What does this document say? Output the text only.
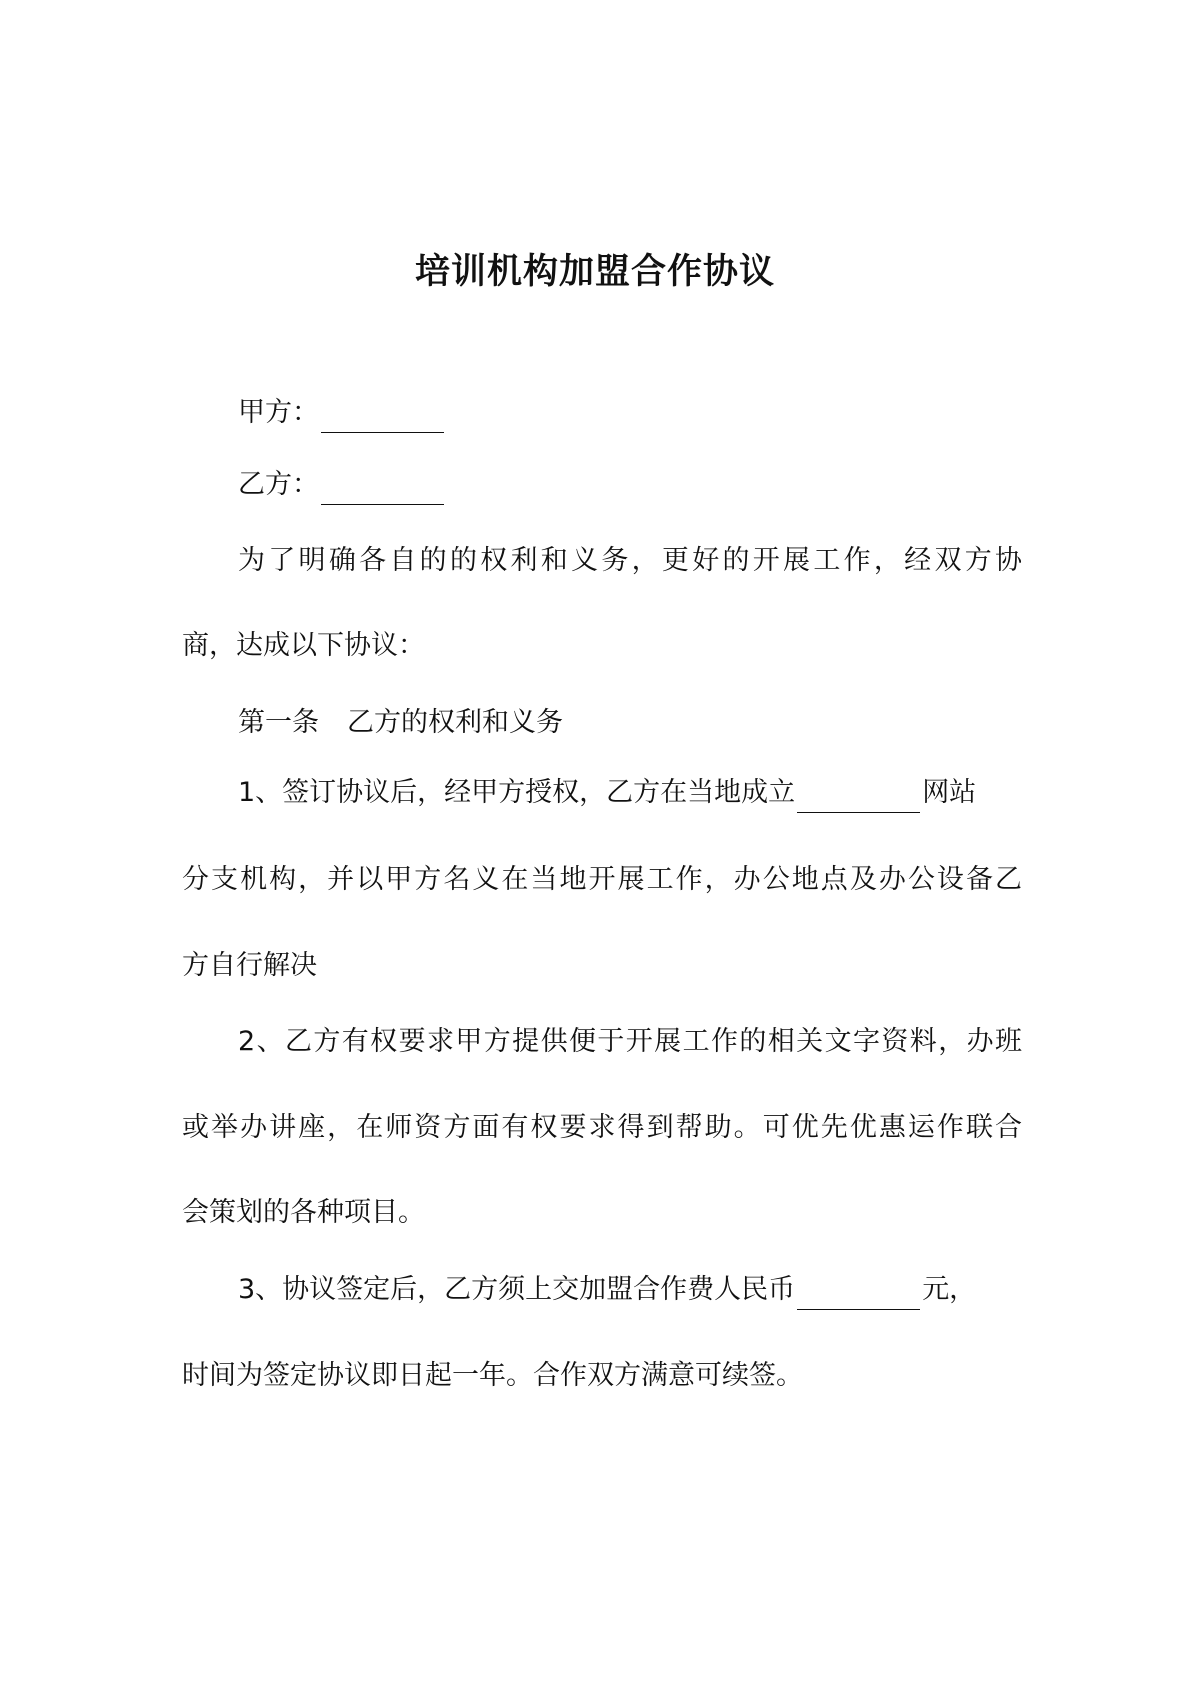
培训机构加盟合作协议
甲方：
乙方：
为了明确各自的的权利和义务，更好的开展工作，经双方协
商，达成以下协议：
第一条 乙方的权利和义务
1、签订协议后，经甲方授权，乙方在当地成立	网站
分支机构，并以甲方名义在当地开展工作，办公地点及办公设备乙
方自行解决
2、乙方有权要求甲方提供便于开展工作的相关文字资料，办班
或举办讲座，在师资方面有权要求得到帮助。可优先优惠运作联合
会策划的各种项目。
3、协议签定后，乙方须上交加盟合作费人民币	元，
时间为签定协议即日起一年。合作双方满意可续签。
